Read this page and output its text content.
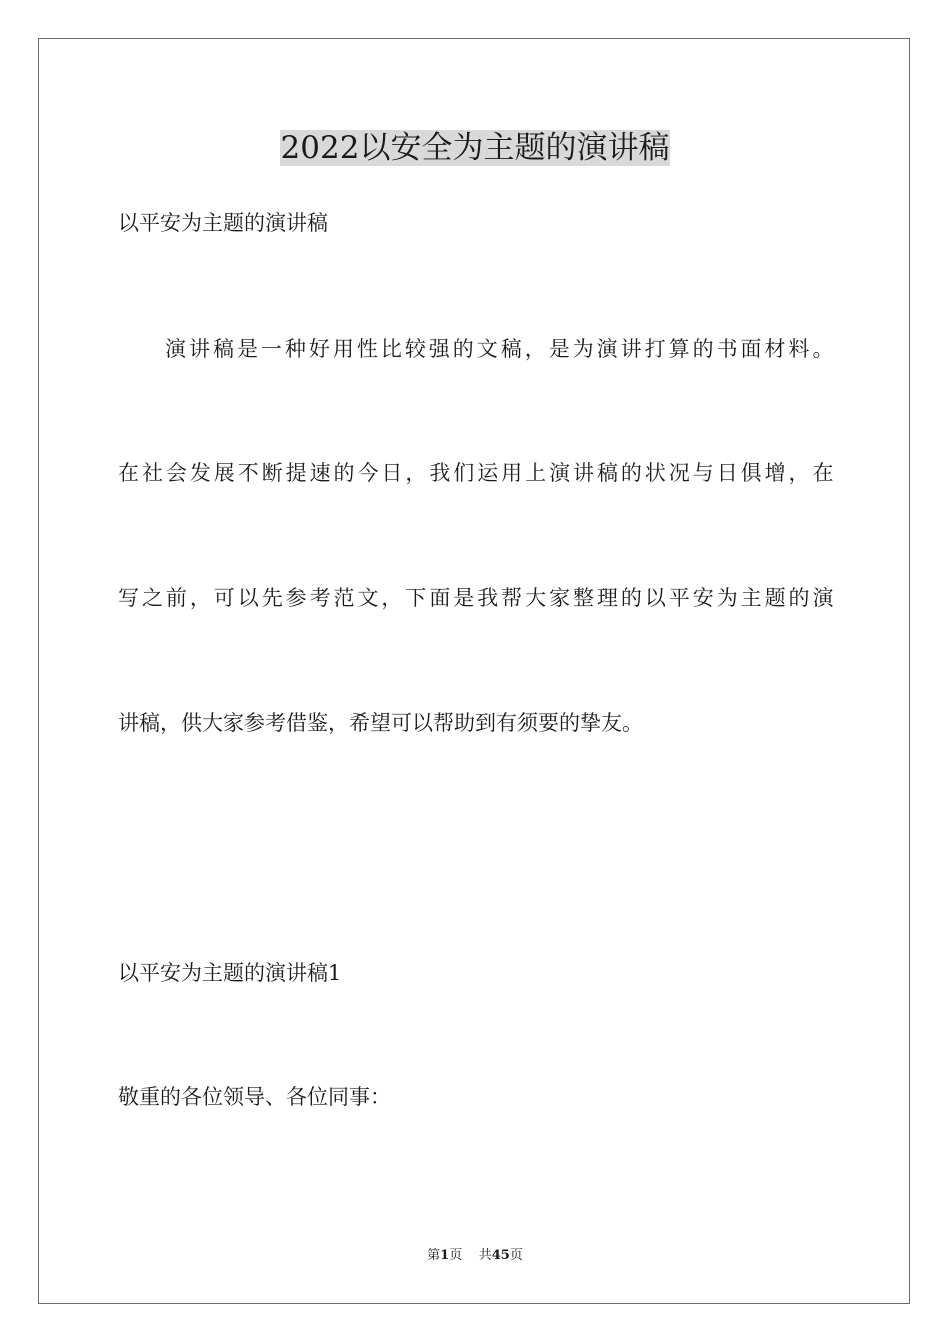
2022以安全为主题的演讲稿

以平安为主题的演讲稿

演讲稿是一种好用性比较强的文稿，是为演讲打算的书面材料。

在社会发展不断提速的今日，我们运用上演讲稿的状况与日俱增，在

写之前，可以先参考范文，下面是我帮大家整理的以平安为主题的演

讲稿，供大家参考借鉴，希望可以帮助到有须要的挚友。

以平安为主题的演讲稿1

敬重的各位领导、各位同事：

第1页 共45页
